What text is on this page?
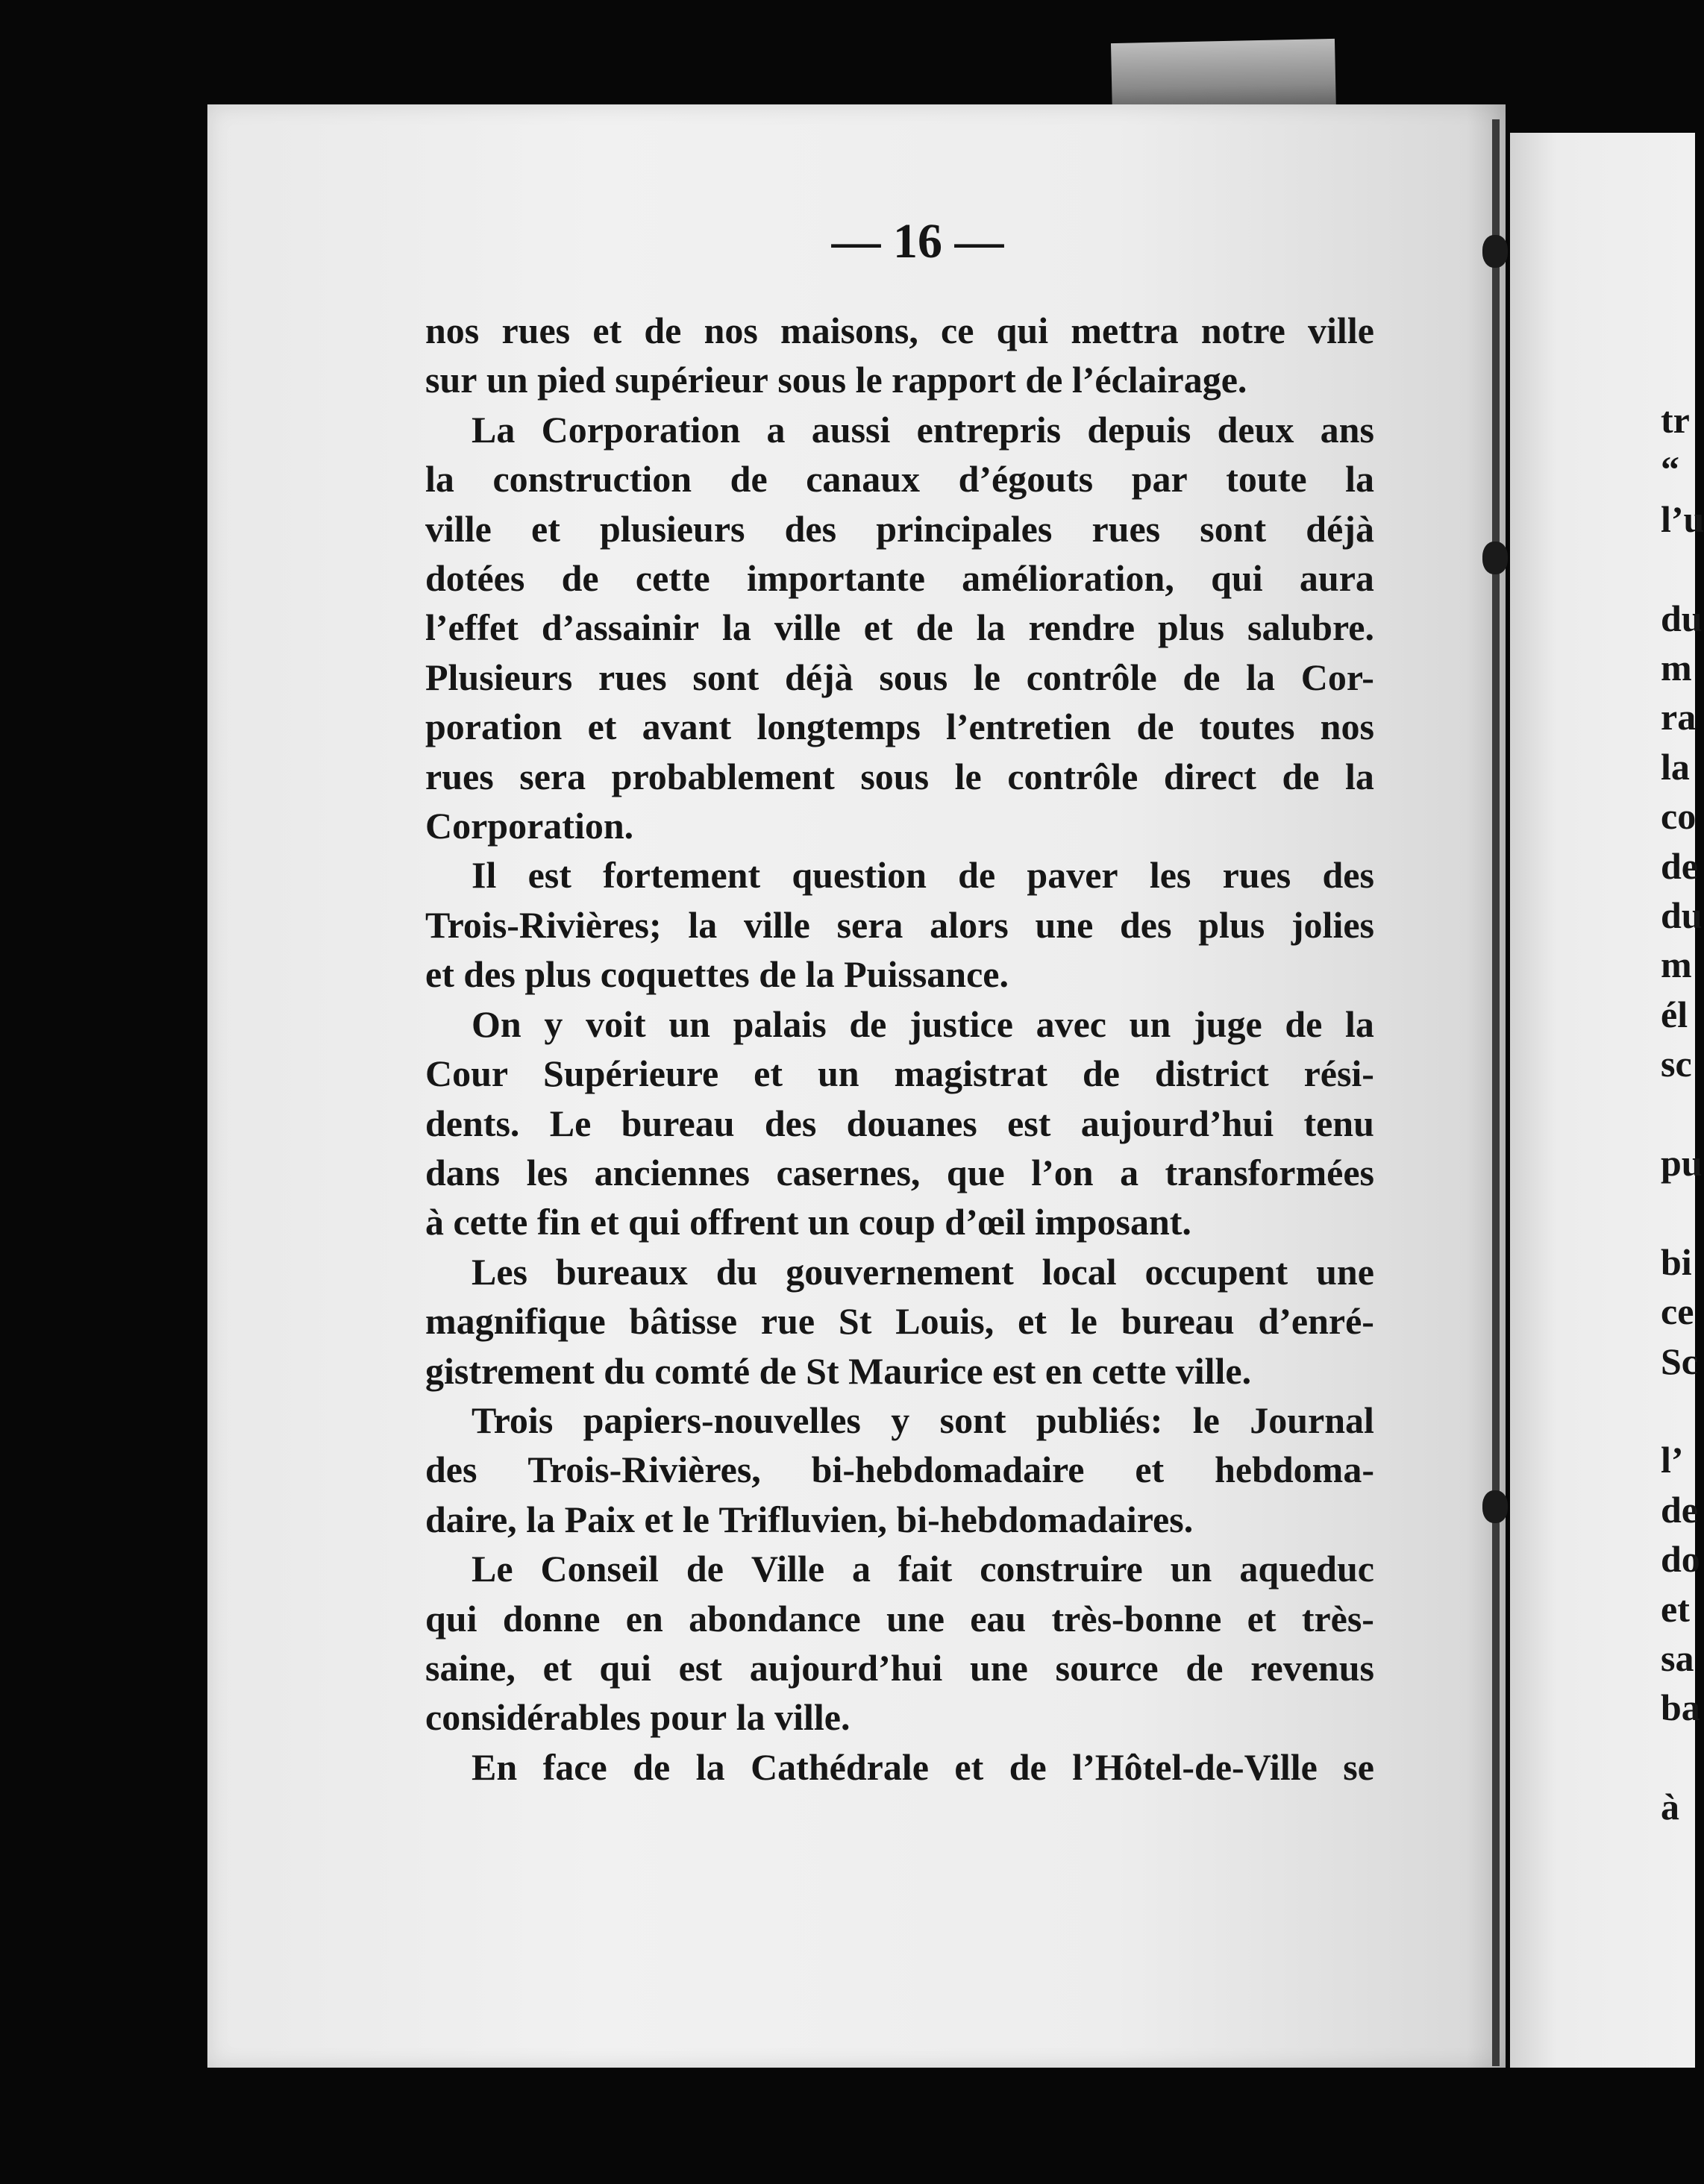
— 16 —
nos rues et de nos maisons, ce qui mettra notre ville
sur un pied supérieur sous le rapport de l’éclairage.
La Corporation a aussi entrepris depuis deux ans
la construction de canaux d’égouts par toute la
ville et plusieurs des principales rues sont déjà
dotées de cette importante amélioration, qui aura
l’effet d’assainir la ville et de la rendre plus salubre.
Plusieurs rues sont déjà sous le contrôle de la Cor-
poration et avant longtemps l’entretien de toutes nos
rues sera probablement sous le contrôle direct de la
Corporation.
Il est fortement question de paver les rues des
Trois-Rivières; la ville sera alors une des plus jolies
et des plus coquettes de la Puissance.
On y voit un palais de justice avec un juge de la
Cour Supérieure et un magistrat de district rési-
dents. Le bureau des douanes est aujourd’hui tenu
dans les anciennes casernes, que l’on a transformées
à cette fin et qui offrent un coup d’œil imposant.
Les bureaux du gouvernement local occupent une
magnifique bâtisse rue St Louis, et le bureau d’enré-
gistrement du comté de St Maurice est en cette ville.
Trois papiers-nouvelles y sont publiés: le Journal
des Trois-Rivières, bi-hebdomadaire et hebdoma-
daire, la Paix et le Trifluvien, bi-hebdomadaires.
Le Conseil de Ville a fait construire un aqueduc
qui donne en abondance une eau très-bonne et très-
saine, et qui est aujourd’hui une source de revenus
considérables pour la ville.
En face de la Cathédrale et de l’Hôtel-de-Ville se
tr
“
l’u
du
m
ra
la
co
de
du
m
él
sc
pu
bi
ce
Sc
l’
de
do
et
sa
ba
à
